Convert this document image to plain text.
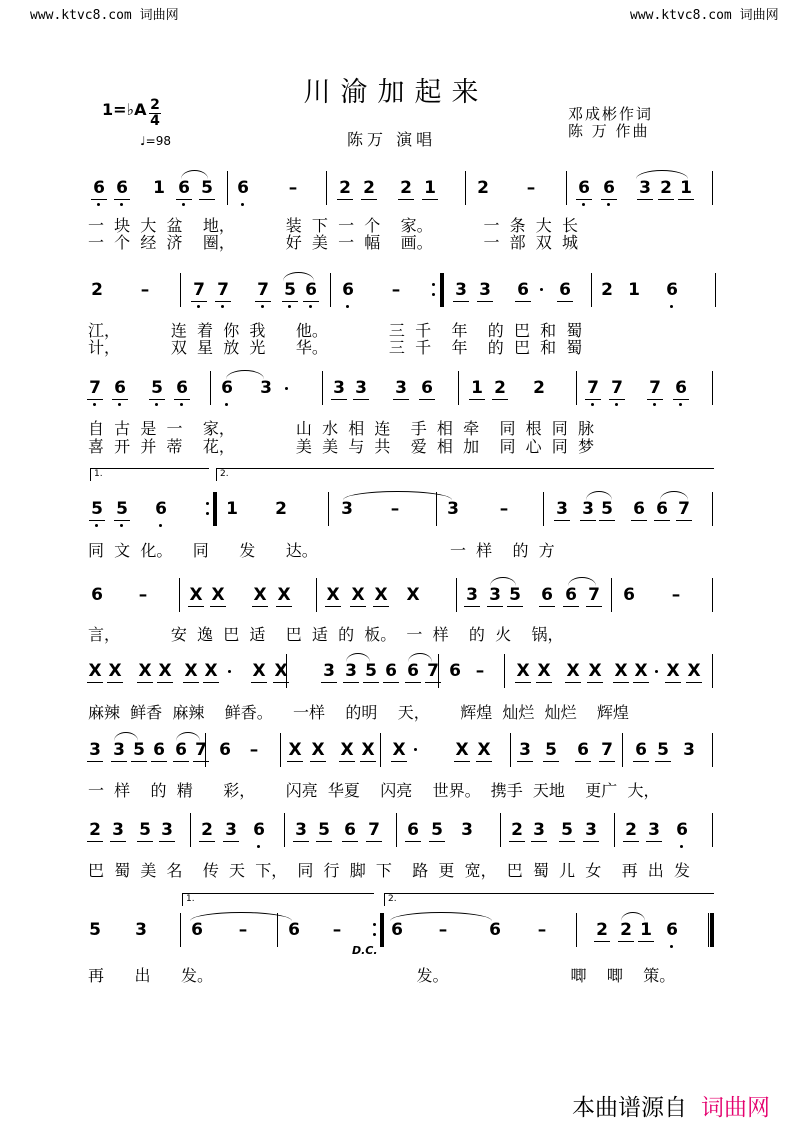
www.ktvc8.com 词曲网	www.ktvc8.com 词曲网
川渝加起来
1=♭A 2
4
♩=98	陈万 演唱
邓成彬作词
陈 万 作曲
6 6 1 6 5 6 – 2 2 2 1 2 –	6 6 3 2 1
2 –	7 7 7 5 6 6 –	3 3 6 6 2 1 6
7 6 5 6 6 3	3 3 3 6 1 2 2 7 7 7 6
5 5 6	1 2	3 –	3 –	3 3 5 6 6 7
6 – X X X X X X X X	3 3 5 6 6 7 6 –
X X X X X X X X 3 3 5 6 6 7 6 – X X X X X X X X
3 3 5 6 6 7 6 – X X X X X	X X 3 5 6 7 6 5 3
2 3 5 3 2 3 6 3 5 6 7 6 5 3 2 3 5 3 2 3 6
5 3	6 – 6 –	6 – 6 –	2 2 1 6
一  块  大  盆    地，          装  下  一  个    家。          一  条  大  长
一  个  经  济    圈，          好  美  一  幅    画。          一  部  双  城
江，          连  着  你  我      他。            三  千    年    的  巴  和  蜀
计，          双  星  放  光      华。            三  千    年    的  巴  和  蜀
自  古  是  一    家，            山  水  相  连    手  相  牵    同  根  同  脉
喜  开  并  蒂    花，            美  美  与  共    爱  相  加    同  心  同  梦
同  文  化。    同      发      达。                          一  样    的  方
言，          安  逸  巴  适    巴  适  的  板。  一  样    的  火    锅，
麻辣  鲜香  麻辣    鲜香。    一样    的明    天，      辉煌  灿烂  灿烂    辉煌
一  样    的  精      彩，      闪亮  华夏    闪亮    世界。  携手  天地    更广  大，
巴  蜀  美  名    传  天  下，  同  行  脚  下    路  更  宽，  巴  蜀  儿  女    再  出  发
再      出      发。                                        发。                        唧    唧    策。
1.	2.
1.	2.
D.C.
本曲谱源自 词曲网
